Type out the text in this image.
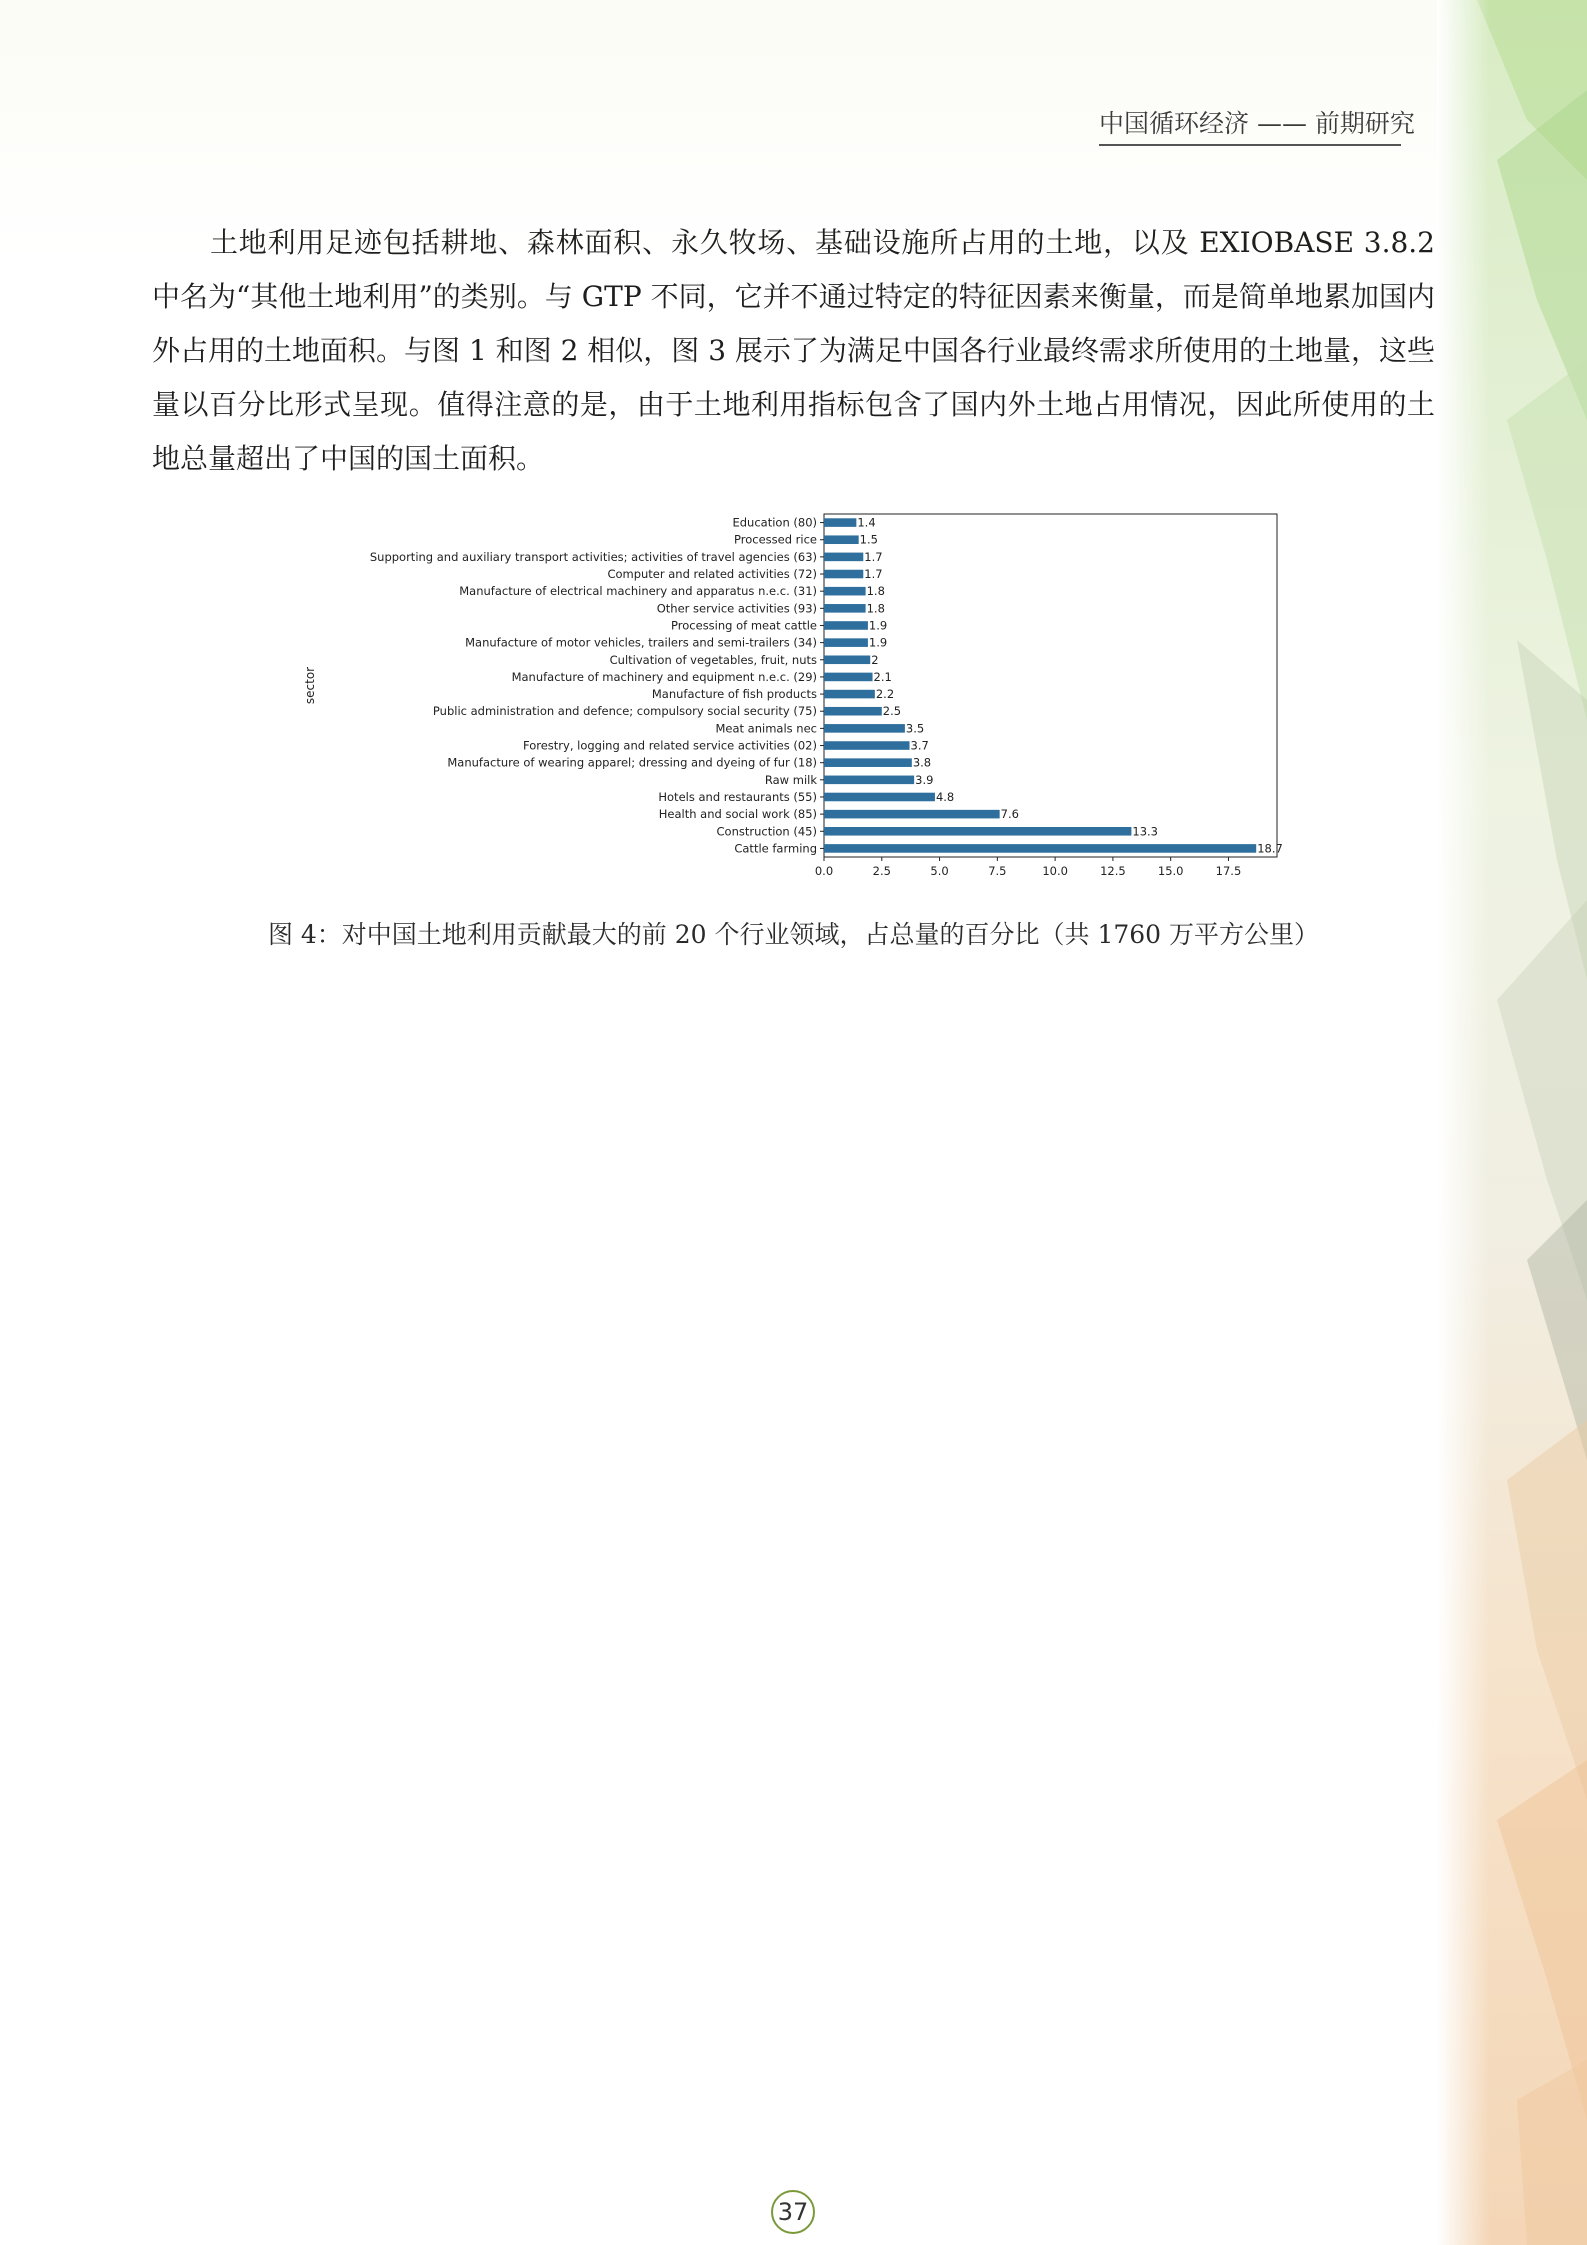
中国循环经济 —— 前期研究

土地利用足迹包括耕地、森林面积、永久牧场、基础设施所占用的土地，以及 EXIOBASE 3.8.2 中名为“其他土地利用”的类别。与 GTP 不同，它并不通过特定的特征因素来衡量，而是简单地累加国内外占用的土地面积。与图 1 和图 2 相似，图 3 展示了为满足中国各行业最终需求所使用的土地量，这些量以百分比形式呈现。值得注意的是，由于土地利用指标包含了国内外土地占用情况，因此所使用的土地总量超出了中国的国土面积。

Education (80)	1.4
Processed rice	1.5
Supporting and auxiliary transport activities; activities of travel agencies (63)	1.7
Computer and related activities (72)	1.7
Manufacture of electrical machinery and apparatus n.e.c. (31)	1.8
Other service activities (93)	1.8
Processing of meat cattle	1.9
Manufacture of motor vehicles, trailers and semi-trailers (34)	1.9
Cultivation of vegetables, fruit, nuts	2
Manufacture of machinery and equipment n.e.c. (29)	2.1
Manufacture of fish products	2.2
Public administration and defence; compulsory social security (75)	2.5
Meat animals nec	3.5
Forestry, logging and related service activities (02)	3.7
Manufacture of wearing apparel; dressing and dyeing of fur (18)	3.8
Raw milk	3.9
Hotels and restaurants (55)	4.8
Health and social work (85)	7.6
Construction (45)	13.3
Cattle farming	18.7
0.0	2.5	5.0	7.5	10.0	12.5	15.0	17.5
sector
图 4：对中国土地利用贡献最大的前 20 个行业领域，占总量的百分比（共 1760 万平方公里）
37
